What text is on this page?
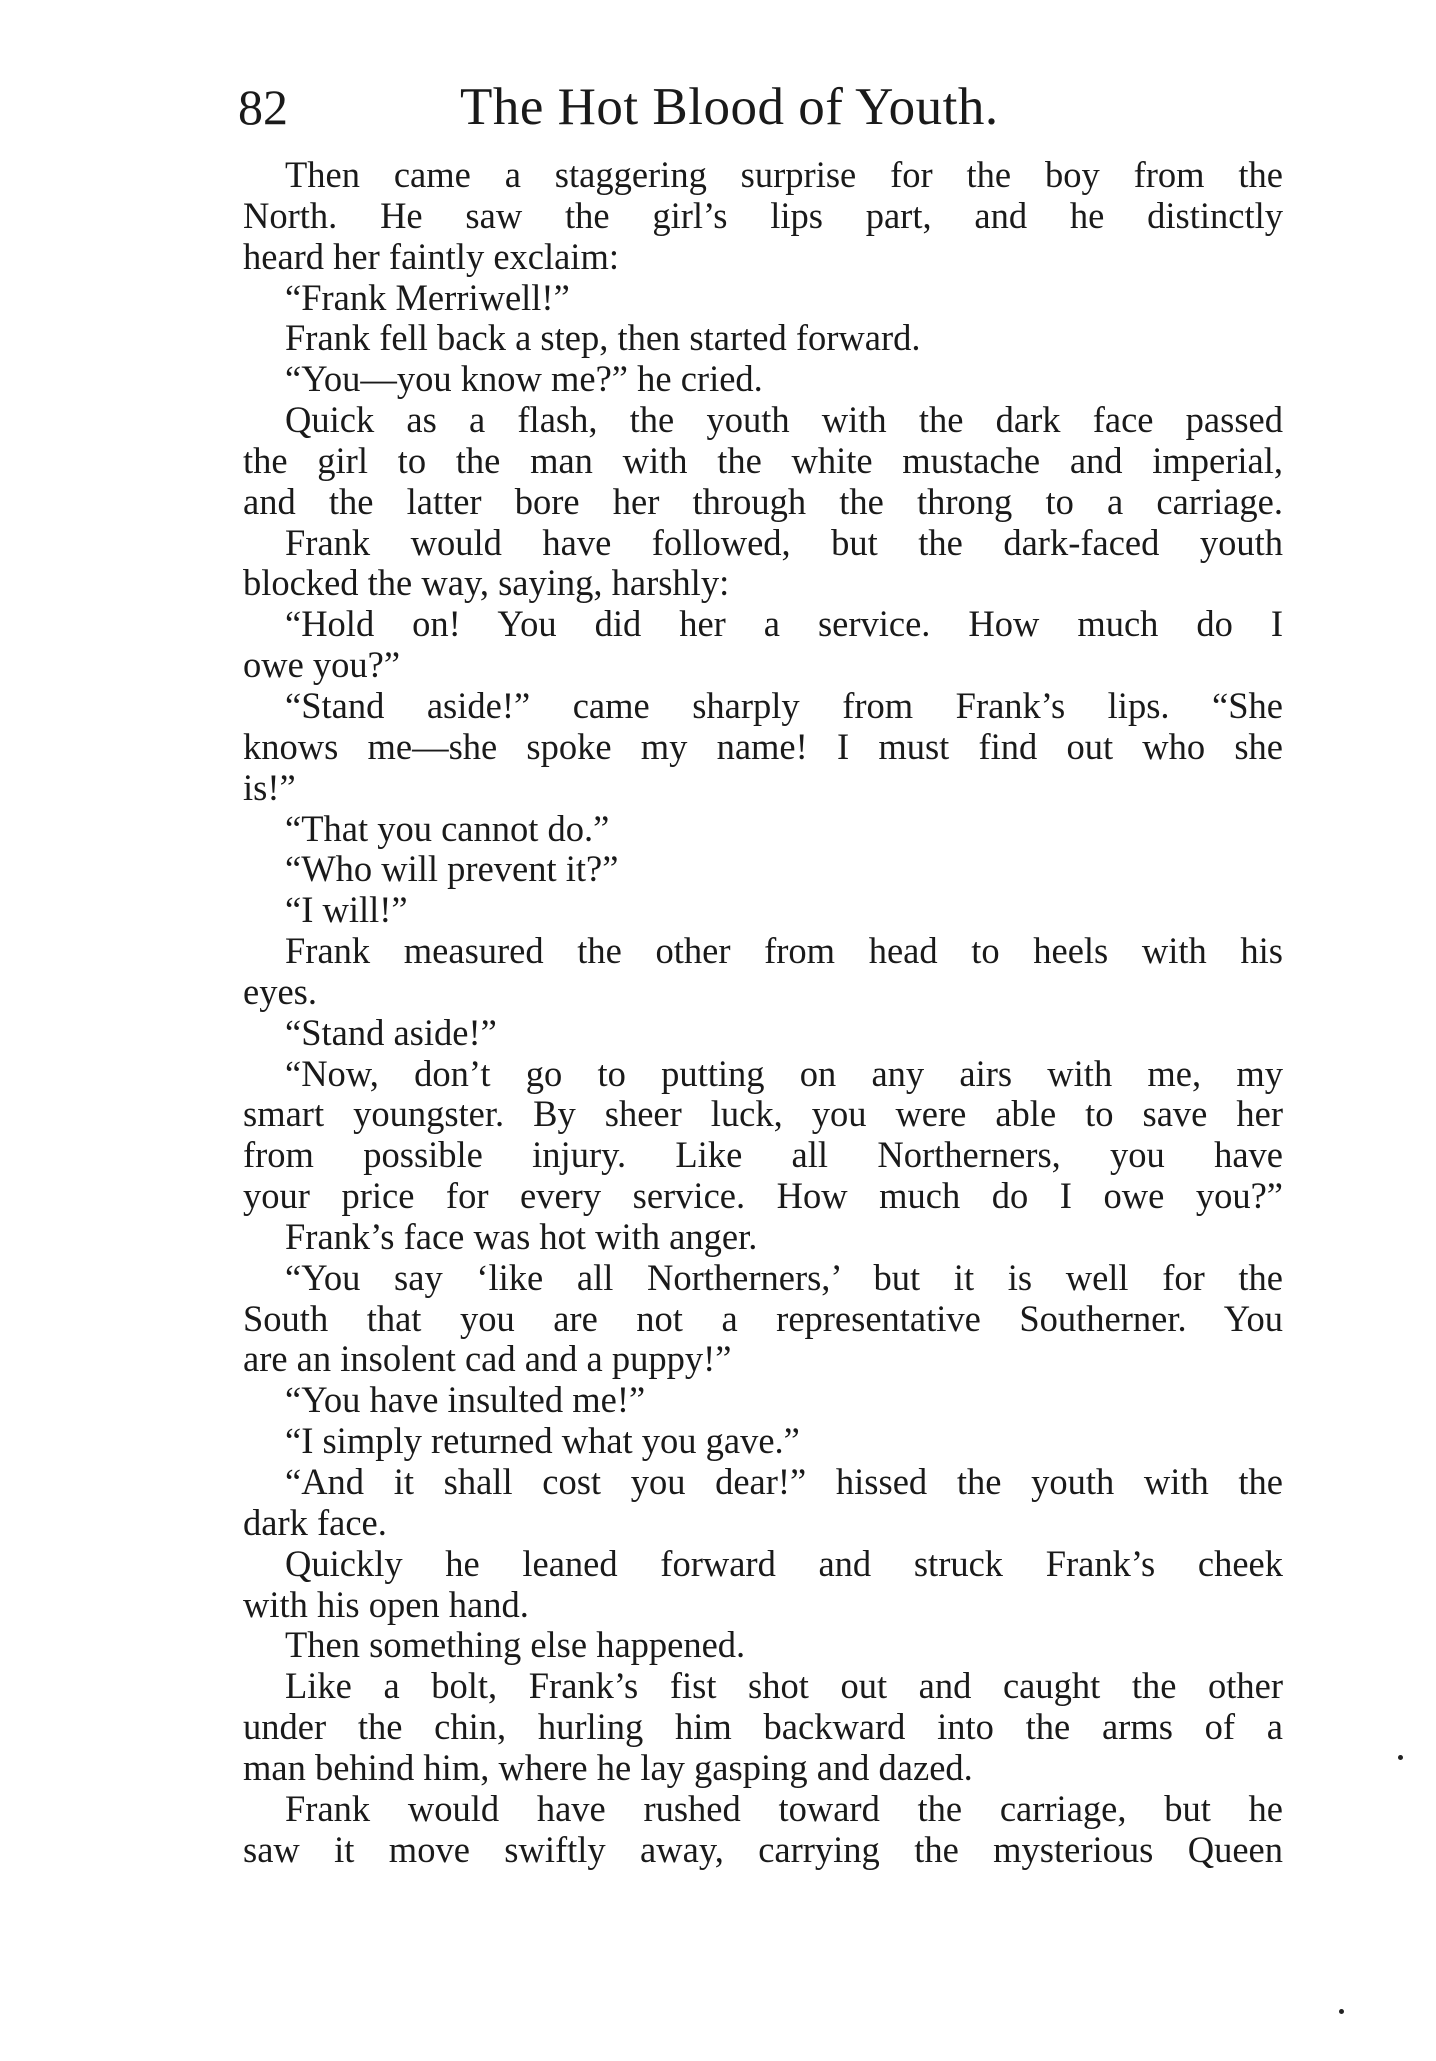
82	The Hot Blood of Youth.
Then came a staggering surprise for the boy from the
North. He saw the girl’s lips part, and he distinctly
heard her faintly exclaim:
“Frank Merriwell!”
Frank fell back a step, then started forward.
“You—you know me?” he cried.
Quick as a flash, the youth with the dark face passed
the girl to the man with the white mustache and imperial,
and the latter bore her through the throng to a carriage.
Frank would have followed, but the dark-faced youth
blocked the way, saying, harshly:
“Hold on! You did her a service. How much do I
owe you?”
“Stand aside!” came sharply from Frank’s lips. “She
knows me—she spoke my name! I must find out who she
is!”
“That you cannot do.”
“Who will prevent it?”
“I will!”
Frank measured the other from head to heels with his
eyes.
“Stand aside!”
“Now, don’t go to putting on any airs with me, my
smart youngster. By sheer luck, you were able to save her
from possible injury. Like all Northerners, you have
your price for every service. How much do I owe you?”
Frank’s face was hot with anger.
“You say ‘like all Northerners,’ but it is well for the
South that you are not a representative Southerner. You
are an insolent cad and a puppy!”
“You have insulted me!”
“I simply returned what you gave.”
“And it shall cost you dear!” hissed the youth with the
dark face.
Quickly he leaned forward and struck Frank’s cheek
with his open hand.
Then something else happened.
Like a bolt, Frank’s fist shot out and caught the other
under the chin, hurling him backward into the arms of a
man behind him, where he lay gasping and dazed.
Frank would have rushed toward the carriage, but he
saw it move swiftly away, carrying the mysterious Queen
